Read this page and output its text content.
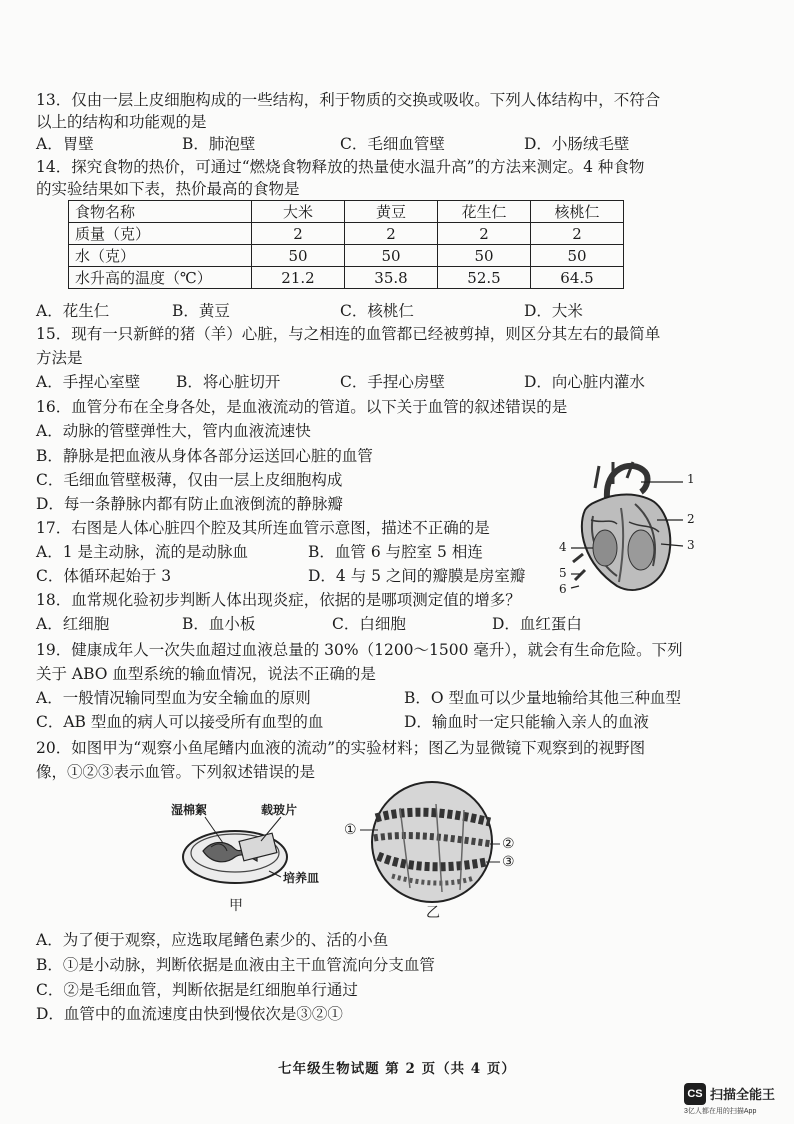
13．仅由一层上皮细胞构成的一些结构，利于物质的交换或吸收。下列人体结构中，不符合
以上的结构和功能观的是
A．胃壁	B．肺泡壁	C．毛细血管壁	D．小肠绒毛壁
14．探究食物的热价，可通过“燃烧食物释放的热量使水温升高”的方法来测定。4 种食物
的实验结果如下表，热价最高的食物是
食物名称	大米	黄豆	花生仁	核桃仁
质量（克）	2	2	2	2
水（克）	50	50	50	50
水升高的温度（℃）	21.2	35.8	52.5	64.5
A．花生仁	B．黄豆	C．核桃仁	D．大米
15．现有一只新鲜的猪（羊）心脏，与之相连的血管都已经被剪掉，则区分其左右的最简单
方法是
A．手捏心室壁 B．将心脏切开	C．手捏心房壁	D．向心脏内灌水
16．血管分布在全身各处，是血液流动的管道。以下关于血管的叙述错误的是
A．动脉的管壁弹性大，管内血液流速快
B．静脉是把血液从身体各部分运送回心脏的血管
C．毛细血管壁极薄，仅由一层上皮细胞构成
D．每一条静脉内都有防止血液倒流的静脉瓣
17．右图是人体心脏四个腔及其所连血管示意图，描述不正确的是
A．1 是主动脉，流的是动脉血	B．血管 6 与腔室 5 相连
C．体循环起始于 3	D．4 与 5 之间的瓣膜是房室瓣
1
2
3
4
5
6
18．血常规化验初步判断人体出现炎症，依据的是哪项测定值的增多？
A．红细胞	B．血小板	C．白细胞	D．血红蛋白
19．健康成年人一次失血超过血液总量的 30%（1200～1500 毫升），就会有生命危险。下列
关于 ABO 血型系统的输血情况，说法不正确的是
A．一般情况输同型血为安全输血的原则	B．O 型血可以少量地输给其他三种血型
C．AB 型血的病人可以接受所有血型的血	D．输血时一定只能输入亲人的血液
20．如图甲为“观察小鱼尾鳍内血液的流动”的实验材料；图乙为显微镜下观察到的视野图
像，①②③表示血管。下列叙述错误的是
湿棉絮	载玻片
培养皿
甲
①
②
③
乙
A．为了便于观察，应选取尾鳍色素少的、活的小鱼
B．①是小动脉，判断依据是血液由主干血管流向分支血管
C．②是毛细血管，判断依据是红细胞单行通过
D．血管中的血流速度由快到慢依次是③②①
七年级生物试题 第 2 页（共 4 页）
CS 扫描全能王
3亿人都在用的扫描App
